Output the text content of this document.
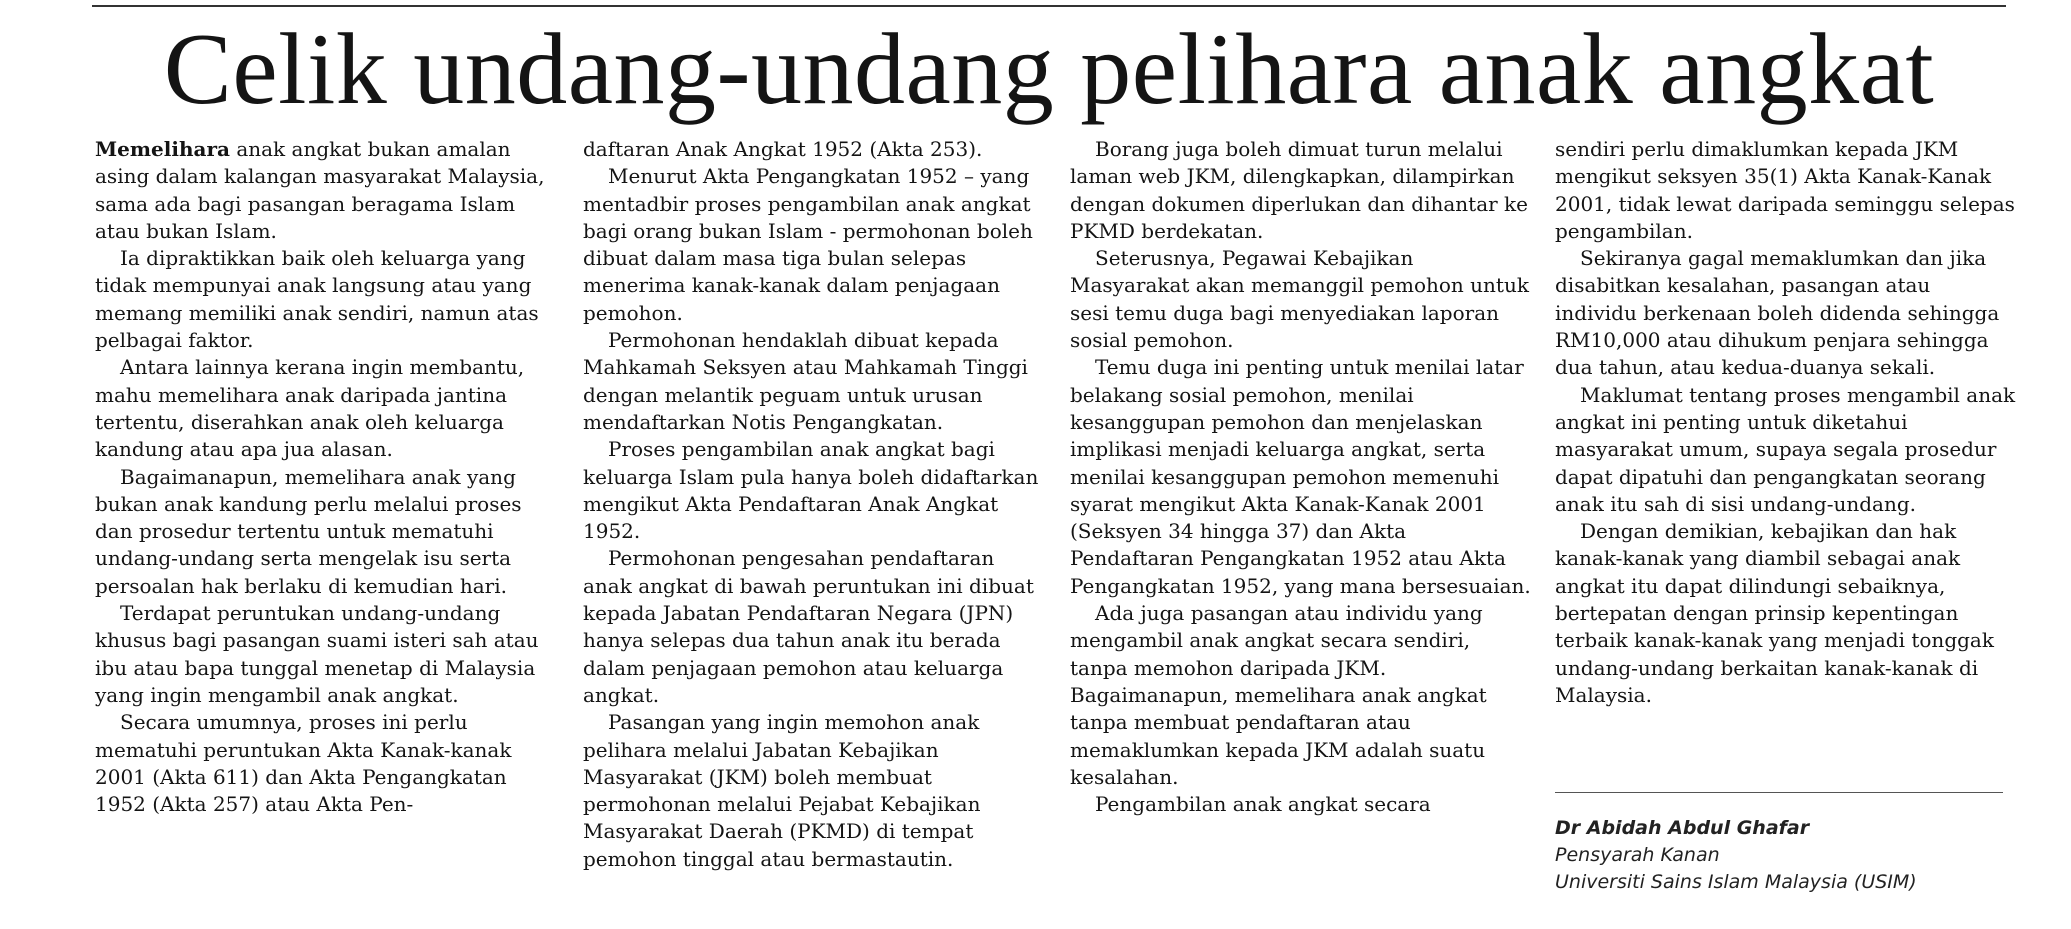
Celik undang-undang pelihara anak angkat

Memelihara anak angkat bukan amalan asing dalam kalangan masyarakat Malaysia, sama ada bagi pasangan beragama Islam atau bukan Islam.

Ia dipraktikkan baik oleh keluarga yang tidak mempunyai anak langsung atau yang memang memiliki anak sendiri, namun atas pelbagai faktor.

Antara lainnya kerana ingin membantu, mahu memelihara anak daripada jantina tertentu, diserahkan anak oleh keluarga kandung atau apa jua alasan.

Bagaimanapun, memelihara anak yang bukan anak kandung perlu melalui proses dan prosedur tertentu untuk mematuhi undang-undang serta mengelak isu serta persoalan hak berlaku di kemudian hari.

Terdapat peruntukan undang-undang khusus bagi pasangan suami isteri sah atau ibu atau bapa tunggal menetap di Malaysia yang ingin mengambil anak angkat.

Secara umumnya, proses ini perlu mematuhi peruntukan Akta Kanak-kanak 2001 (Akta 611) dan Akta Pengangkatan 1952 (Akta 257) atau Akta Pen-

daftaran Anak Angkat 1952 (Akta 253).

Menurut Akta Pengangkatan 1952 – yang mentadbir proses pengambilan anak angkat bagi orang bukan Islam - permohonan boleh dibuat dalam masa tiga bulan selepas menerima kanak-kanak dalam penjagaan pemohon.

Permohonan hendaklah dibuat kepada Mahkamah Seksyen atau Mahkamah Tinggi dengan melantik peguam untuk urusan mendaftarkan Notis Pengangkatan.

Proses pengambilan anak angkat bagi keluarga Islam pula hanya boleh didaftarkan mengikut Akta Pendaftaran Anak Angkat 1952.

Permohonan pengesahan pendaftaran anak angkat di bawah peruntukan ini dibuat kepada Jabatan Pendaftaran Negara (JPN) hanya selepas dua tahun anak itu berada dalam penjagaan pemohon atau keluarga angkat.

Pasangan yang ingin memohon anak pelihara melalui Jabatan Kebajikan Masyarakat (JKM) boleh membuat permohonan melalui Pejabat Kebajikan Masyarakat Daerah (PKMD) di tempat pemohon tinggal atau bermastautin.

Borang juga boleh dimuat turun melalui laman web JKM, dilengkapkan, dilampirkan dengan dokumen diperlukan dan dihantar ke PKMD berdekatan.

Seterusnya, Pegawai Kebajikan Masyarakat akan memanggil pemohon untuk sesi temu duga bagi menyediakan laporan sosial pemohon.

Temu duga ini penting untuk menilai latar belakang sosial pemohon, menilai kesanggupan pemohon dan menjelaskan implikasi menjadi keluarga angkat, serta menilai kesanggupan pemohon memenuhi syarat mengikut Akta Kanak-Kanak 2001 (Seksyen 34 hingga 37) dan Akta Pendaftaran Pengangkatan 1952 atau Akta Pengangkatan 1952, yang mana bersesuaian.

Ada juga pasangan atau individu yang mengambil anak angkat secara sendiri, tanpa memohon daripada JKM. Bagaimanapun, memelihara anak angkat tanpa membuat pendaftaran atau memaklumkan kepada JKM adalah suatu kesalahan.

Pengambilan anak angkat secara

sendiri perlu dimaklumkan kepada JKM mengikut seksyen 35(1) Akta Kanak-Kanak 2001, tidak lewat daripada seminggu selepas pengambilan.

Sekiranya gagal memaklumkan dan jika disabitkan kesalahan, pasangan atau individu berkenaan boleh didenda sehingga RM10,000 atau dihukum penjara sehingga dua tahun, atau kedua-duanya sekali.

Maklumat tentang proses mengambil anak angkat ini penting untuk diketahui masyarakat umum, supaya segala prosedur dapat dipatuhi dan pengangkatan seorang anak itu sah di sisi undang-undang.

Dengan demikian, kebajikan dan hak kanak-kanak yang diambil sebagai anak angkat itu dapat dilindungi sebaiknya, bertepatan dengan prinsip kepentingan terbaik kanak-kanak yang menjadi tonggak undang-undang berkaitan kanak-kanak di Malaysia.

Dr Abidah Abdul Ghafar
Pensyarah Kanan
Universiti Sains Islam Malaysia (USIM)
